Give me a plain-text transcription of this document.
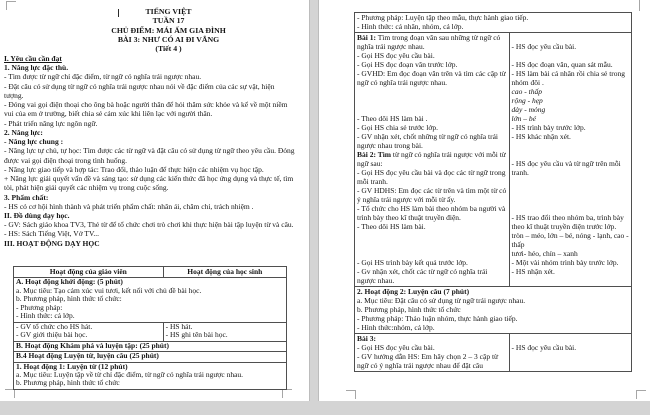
TIẾNG VIỆT
TUẦN 17
CHỦ ĐIỂM: MÁI ẤM GIA ĐÌNH
BÀI 3: NHƯ CÓ AI ĐI VẮNG
(Tiết 4 )
I. Yêu cầu cần đạt
1. Năng lực đặc thù.
- Tìm được từ ngữ chỉ đặc điểm, từ ngữ có nghĩa trái ngược nhau.
- Đặt câu có sử dụng từ ngữ có nghĩa trái ngược nhau nói về đặc điểm của các sự vật, hiện tượng.
- Đóng vai gọi điện thoại cho ông bà hoặc người thân để hỏi thăm sức khỏe và kể về một niềm vui của em ở trường, biết chia sẻ cảm xúc khi liên lạc với người thân.
- Phát triển năng lực ngôn ngữ.
2. Năng lực:
- Năng lực chung :
- Năng lực tự chủ, tự học: Tìm được các từ ngữ và đặt câu có sử dụng từ ngữ theo yêu cầu. Đóng được vai gọi điện thoại trong tình huống.
- Năng lực giao tiếp và hợp tác: Trao đổi, thảo luận để thực hiện các nhiệm vụ học tập.
+ Năng lực giải quyết vấn đề và sáng tạo: sử dụng các kiến thức đã học ứng dụng và thực tế, tìm tòi, phát hiện giải quyết các nhiệm vụ trong cuộc sống.
3. Phẩm chất:
- HS có cơ hội hình thành và phát triển phẩm chất: nhân ái, chăm chỉ, trách nhiệm .
II. Đồ dùng dạy học.
- GV: Sách giáo khoa TV3, Thẻ từ để tổ chức chơi trò chơi khi thực hiện bài tập luyện từ và câu.
- HS: Sách Tiếng Việt, Vở TV...
III. HOẠT ĐỘNG DẠY HỌC
Hoạt động của giáo viên	Hoạt động của học sinh
A. Hoạt động khởi động: (5 phút)
a. Mục tiêu: Tạo cảm xúc vui tươi, kết nối với chủ đề bài học.
b. Phương pháp, hình thức tổ chức:
- Phương pháp:
- Hình thức: cả lớp.
- GV tổ chức cho HS hát.
- GV giới thiệu bài học.
- HS hát.
- HS ghi tên bài học.
B. Hoạt động Khám phá và luyện tập: (25 phút)
B.4 Hoạt động Luyện từ, luyện câu (25 phút)
1. Hoạt động 1: Luyện từ (12 phút)
a. Mục tiêu: Luyện tập về từ chỉ đặc điểm, từ ngữ có nghĩa trái ngược nhau.
b. Phương pháp, hình thức tổ chức
- Phương pháp: Luyện tập theo mẫu, thực hành giao tiếp.
- Hình thức: cá nhân, nhóm, cả lớp.
Bài 1: Tìm trong đoạn văn sau những từ ngữ có nghĩa trái ngược nhau.
- Gọi HS đọc yêu cầu bài.
- Gọi HS đọc đoạn văn trước lớp.
- GVHD: Em đọc đoạn văn trên và tìm các cặp từ ngữ có nghĩa trái ngược nhau.
- Theo dõi HS làm bài .
- Gọi HS chia sẻ trước lớp.
- GV nhận xét, chốt những từ ngữ có nghĩa trái ngược nhau trong bài.
Bài 2: Tìm từ ngữ có nghĩa trái ngược với mỗi từ ngữ sau:
- Gọi HS đọc yêu cầu bài và đọc các từ ngữ trong mỗi tranh.
- GV HDHS: Em đọc các từ trên và tìm một từ có ý nghĩa trái ngược với mỗi từ ấy.
- Tổ chức cho HS làm bài theo nhóm ba người và trình bày theo kĩ thuật truyền điện.
- Theo dõi HS làm bài.
- Gọi HS trình bày kết quả trước lớp.
- Gv nhận xét, chốt các từ ngữ có nghĩa trái ngược nhau.
- HS đọc yêu cầu bài.
- HS đọc đoạn văn, quan sát mẫu.
- HS làm bài cá nhân rồi chia sẻ trong nhóm đôi .
cao - thấp
rộng - hẹp
dày - mỏng
lớn – bé
- HS trình bày trước lớp.
- HS khác nhận xét.
- HS đọc yêu cầu và từ ngữ trên mỗi tranh.
- HS trao đổi theo nhóm ba, trình bày theo kĩ thuật truyền điện trước lớp.
tròn – méo, lớn – bé, nóng - lạnh, cao - thấp
tươi- héo, chín – xanh
- Một vài nhóm trình bày trước lớp.
- HS nhận xét.
2. Hoạt động 2: Luyện câu (7 phút)
a. Mục tiêu: Đặt câu có sử dụng từ ngữ trái ngược nhau.
b. Phương pháp, hình thức tổ chức
- Phương pháp: Thảo luận nhóm, thực hành giao tiếp.
- Hình thức:nhóm, cả lớp.
Bài 3:
- Gọi HS đọc yêu cầu bài.
- GV hướng dẫn HS: Em hãy chọn 2 – 3 cặp từ ngữ có ý nghĩa trái ngược nhau để đặt câu
- HS đọc yêu cầu bài.
